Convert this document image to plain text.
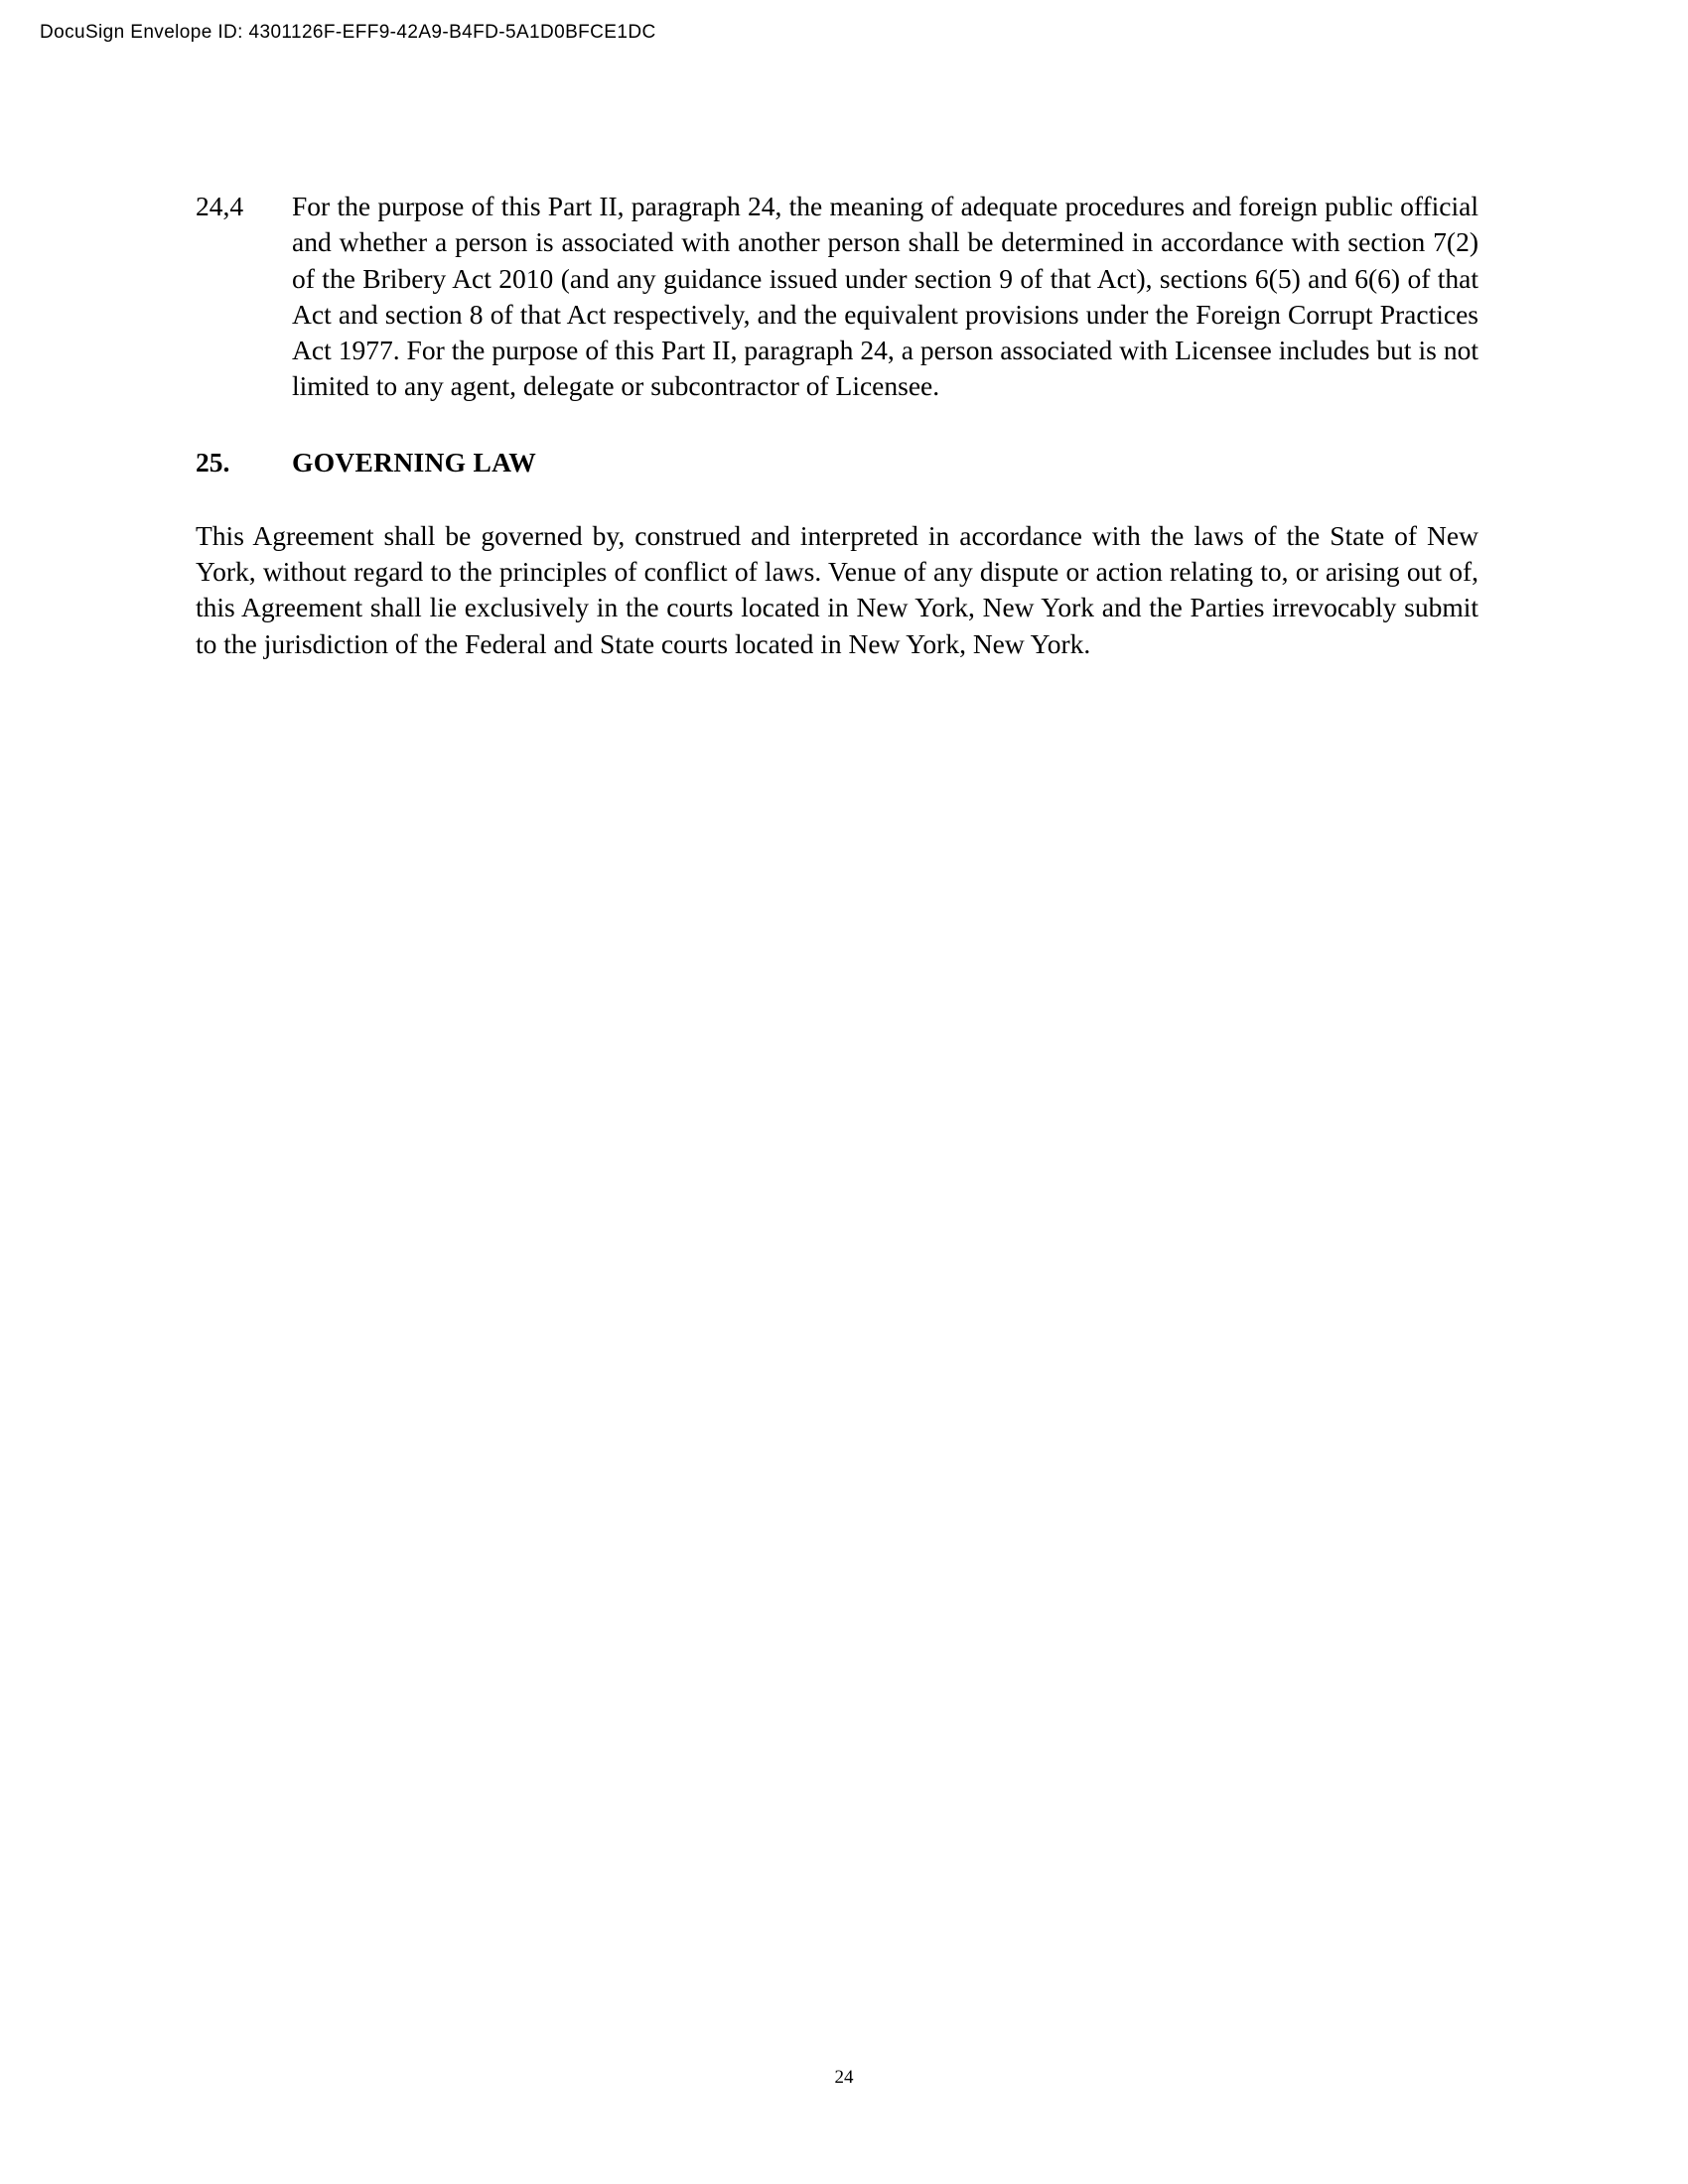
DocuSign Envelope ID: 4301126F-EFF9-42A9-B4FD-5A1D0BFCE1DC
24,4	For the purpose of this Part II, paragraph 24, the meaning of adequate procedures and foreign public official and whether a person is associated with another person shall be determined in accordance with section 7(2) of the Bribery Act 2010 (and any guidance issued under section 9 of that Act), sections 6(5) and 6(6) of that Act and section 8 of that Act respectively, and the equivalent provisions under the Foreign Corrupt Practices Act 1977. For the purpose of this Part II, paragraph 24, a person associated with Licensee includes but is not limited to any agent, delegate or subcontractor of Licensee.
25.	GOVERNING LAW
This Agreement shall be governed by, construed and interpreted in accordance with the laws of the State of New York, without regard to the principles of conflict of laws. Venue of any dispute or action relating to, or arising out of, this Agreement shall lie exclusively in the courts located in New York, New York and the Parties irrevocably submit to the jurisdiction of the Federal and State courts located in New York, New York.
24
